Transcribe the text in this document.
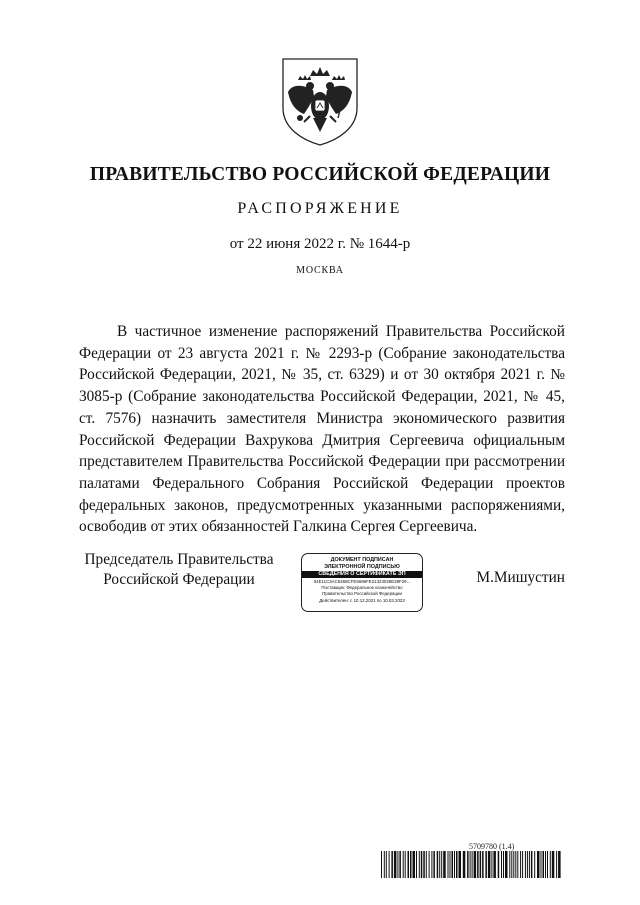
ПРАВИТЕЛЬСТВО РОССИЙСКОЙ ФЕДЕРАЦИИ
РАСПОРЯЖЕНИЕ
от 22 июня 2022 г. № 1644-р
МОСКВА

В частичное изменение распоряжений Правительства Российской Федерации от 23 августа 2021 г. № 2293-р (Собрание законодательства Российской Федерации, 2021, № 35, ст. 6329) и от 30 октября 2021 г. № 3085-р (Собрание законодательства Российской Федерации, 2021, № 45, ст. 7576) назначить заместителя Министра экономического развития Российской Федерации Вахрукова Дмитрия Сергеевича официальным представителем Правительства Российской Федерации при рассмотрении палатами Федерального Собрания Российской Федерации проектов федеральных законов, предусмотренных указанными распоряжениями, освободив от этих обязанностей Галкина Сергея Сергеевича.

Председатель Правительства
Российской Федерации
ДОКУМЕНТ ПОДПИСАН
ЭЛЕКТРОННОЙ ПОДПИСЬЮ
СВЕДЕНИЯ О СЕРТИФИКАТЕ ЭП
04E11C3AC5468CFE6686FE21323028E39F29...
Поставщик: Федеральное казначейство
Правительство Российской Федерации
Действителен: с 10.12.2021 по 10.03.2023
М.Мишустин
5709780 (1.4)
